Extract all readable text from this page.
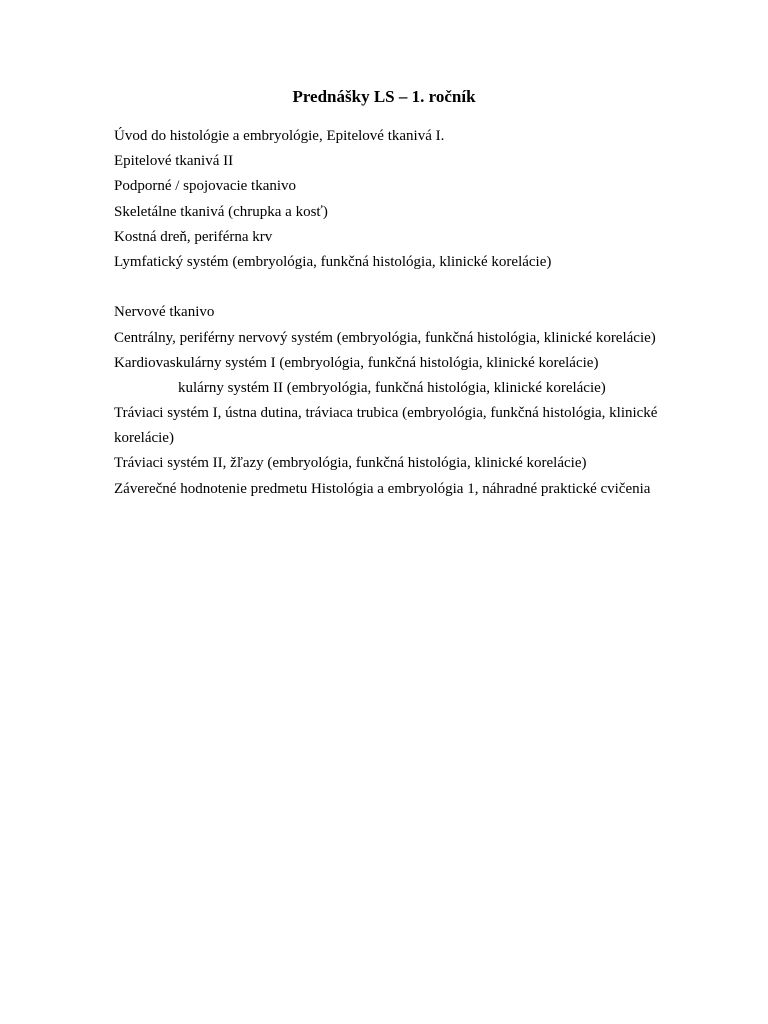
Prednášky LS – 1. ročník
Úvod do histológie a embryológie, Epitelové tkanivá I.
Epitelové tkanivá II
Podporné / spojovacie tkanivo
Skeletálne tkanivá (chrupka a kosť)
Kostná dreň, periférna krv
Lymfatický systém (embryológia, funkčná histológia, klinické korelácie)
Nervové tkanivo
Centrálny, periférny nervový systém (embryológia, funkčná histológia, klinické korelácie)
Kardiovaskulárny systém I (embryológia, funkčná histológia, klinické korelácie)
kulárny systém II (embryológia, funkčná histológia, klinické korelácie)
Tráviaci systém I, ústna dutina, tráviaca trubica (embryológia, funkčná histológia, klinické
korelácie)
Tráviaci systém II, žľazy (embryológia, funkčná histológia, klinické korelácie)
Záverečné hodnotenie predmetu Histológia a embryológia 1, náhradné praktické cvičenia
